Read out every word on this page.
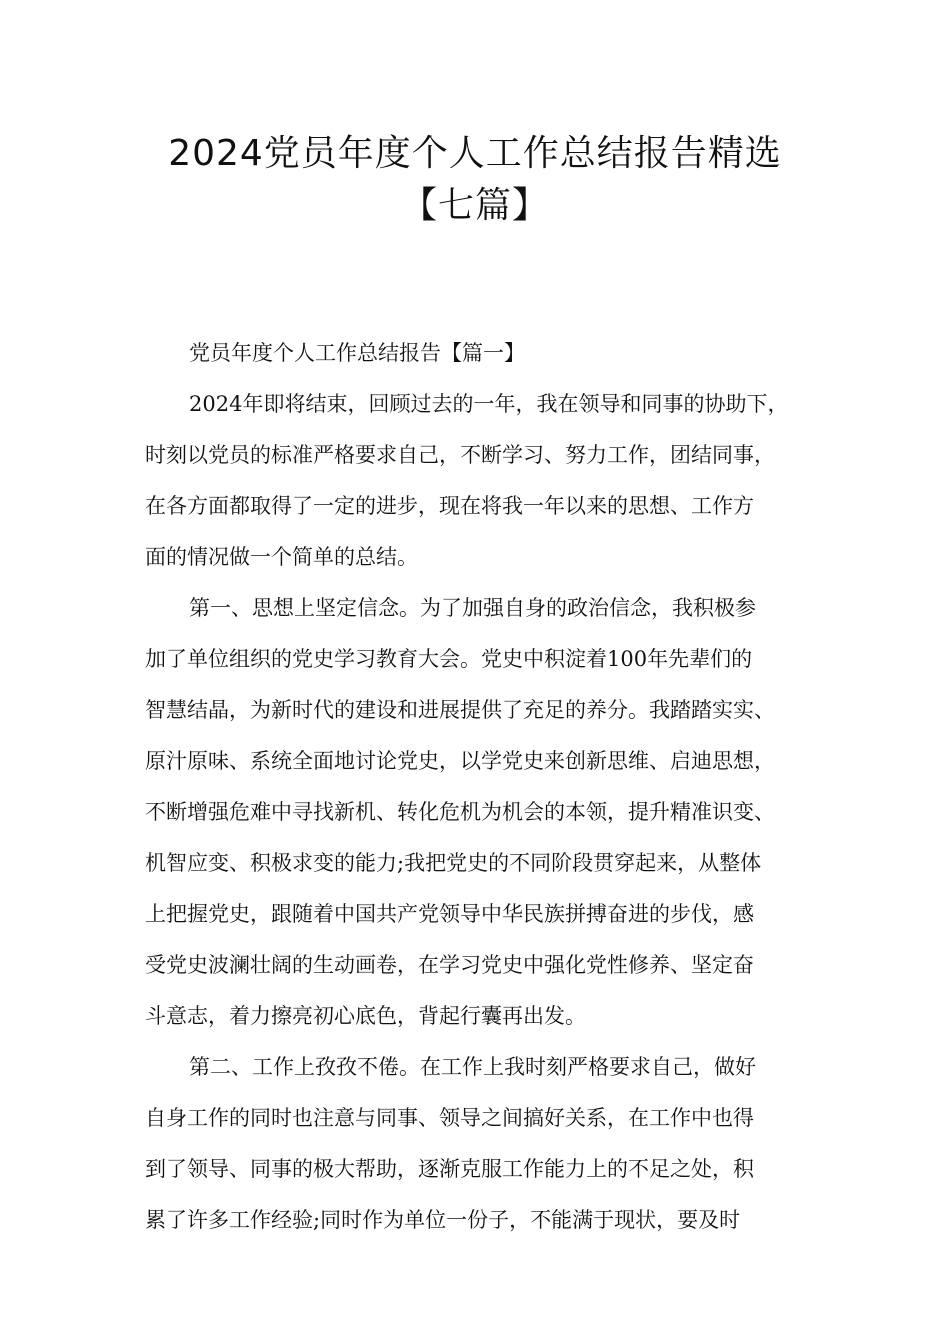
2024党员年度个人工作总结报告精选
【七篇】
党员年度个人工作总结报告【篇一】
2024年即将结束，回顾过去的一年，我在领导和同事的协助下，
时刻以党员的标准严格要求自己，不断学习、努力工作，团结同事，
在各方面都取得了一定的进步，现在将我一年以来的思想、工作方
面的情况做一个简单的总结。
第一、思想上坚定信念。为了加强自身的政治信念，我积极参
加了单位组织的党史学习教育大会。党史中积淀着100年先辈们的
智慧结晶，为新时代的建设和进展提供了充足的养分。我踏踏实实、
原汁原味、系统全面地讨论党史，以学党史来创新思维、启迪思想，
不断增强危难中寻找新机、转化危机为机会的本领，提升精准识变、
机智应变、积极求变的能力;我把党史的不同阶段贯穿起来，从整体
上把握党史，跟随着中国共产党领导中华民族拼搏奋进的步伐，感
受党史波澜壮阔的生动画卷，在学习党史中强化党性修养、坚定奋
斗意志，着力擦亮初心底色，背起行囊再出发。
第二、工作上孜孜不倦。在工作上我时刻严格要求自己，做好
自身工作的同时也注意与同事、领导之间搞好关系，在工作中也得
到了领导、同事的极大帮助，逐渐克服工作能力上的不足之处，积
累了许多工作经验;同时作为单位一份子，不能满于现状，要及时
